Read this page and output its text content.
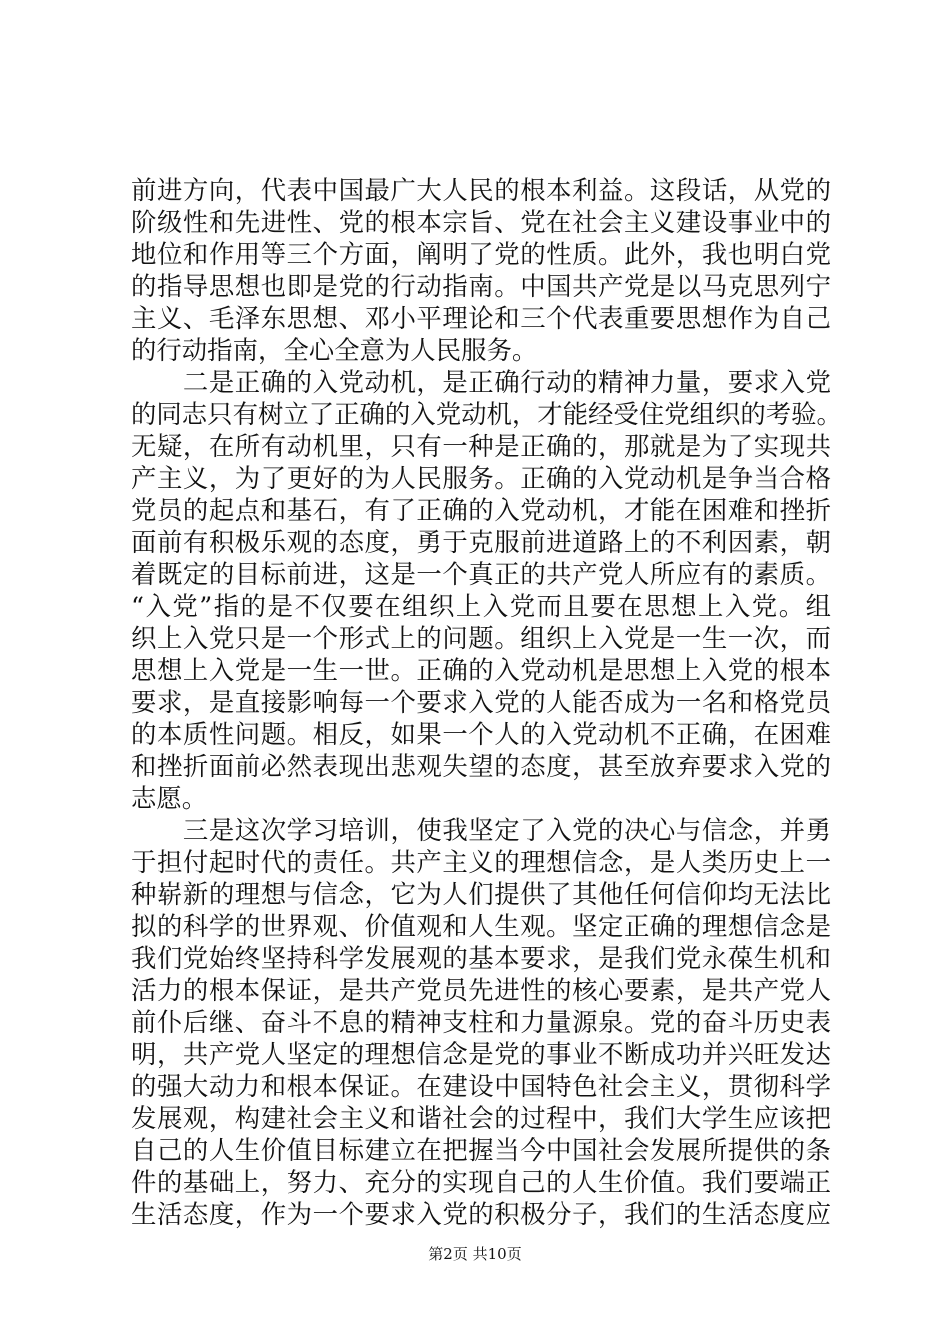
前进方向，代表中国最广大人民的根本利益。这段话，从党的
阶级性和先进性、党的根本宗旨、党在社会主义建设事业中的
地位和作用等三个方面，阐明了党的性质。此外，我也明白党
的指导思想也即是党的行动指南。中国共产党是以马克思列宁
主义、毛泽东思想、邓小平理论和三个代表重要思想作为自己
的行动指南，全心全意为人民服务。
　　二是正确的入党动机，是正确行动的精神力量，要求入党
的同志只有树立了正确的入党动机，才能经受住党组织的考验。
无疑，在所有动机里，只有一种是正确的，那就是为了实现共
产主义，为了更好的为人民服务。正确的入党动机是争当合格
党员的起点和基石，有了正确的入党动机，才能在困难和挫折
面前有积极乐观的态度，勇于克服前进道路上的不利因素，朝
着既定的目标前进，这是一个真正的共产党人所应有的素质。
“入党”指的是不仅要在组织上入党而且要在思想上入党。组
织上入党只是一个形式上的问题。组织上入党是一生一次，而
思想上入党是一生一世。正确的入党动机是思想上入党的根本
要求，是直接影响每一个要求入党的人能否成为一名和格党员
的本质性问题。相反，如果一个人的入党动机不正确，在困难
和挫折面前必然表现出悲观失望的态度，甚至放弃要求入党的
志愿。
　　三是这次学习培训，使我坚定了入党的决心与信念，并勇
于担付起时代的责任。共产主义的理想信念，是人类历史上一
种崭新的理想与信念，它为人们提供了其他任何信仰均无法比
拟的科学的世界观、价值观和人生观。坚定正确的理想信念是
我们党始终坚持科学发展观的基本要求，是我们党永葆生机和
活力的根本保证，是共产党员先进性的核心要素，是共产党人
前仆后继、奋斗不息的精神支柱和力量源泉。党的奋斗历史表
明，共产党人坚定的理想信念是党的事业不断成功并兴旺发达
的强大动力和根本保证。在建设中国特色社会主义，贯彻科学
发展观，构建社会主义和谐社会的过程中，我们大学生应该把
自己的人生价值目标建立在把握当今中国社会发展所提供的条
件的基础上，努力、充分的实现自己的人生价值。我们要端正
生活态度，作为一个要求入党的积极分子，我们的生活态度应
第2页 共10页
